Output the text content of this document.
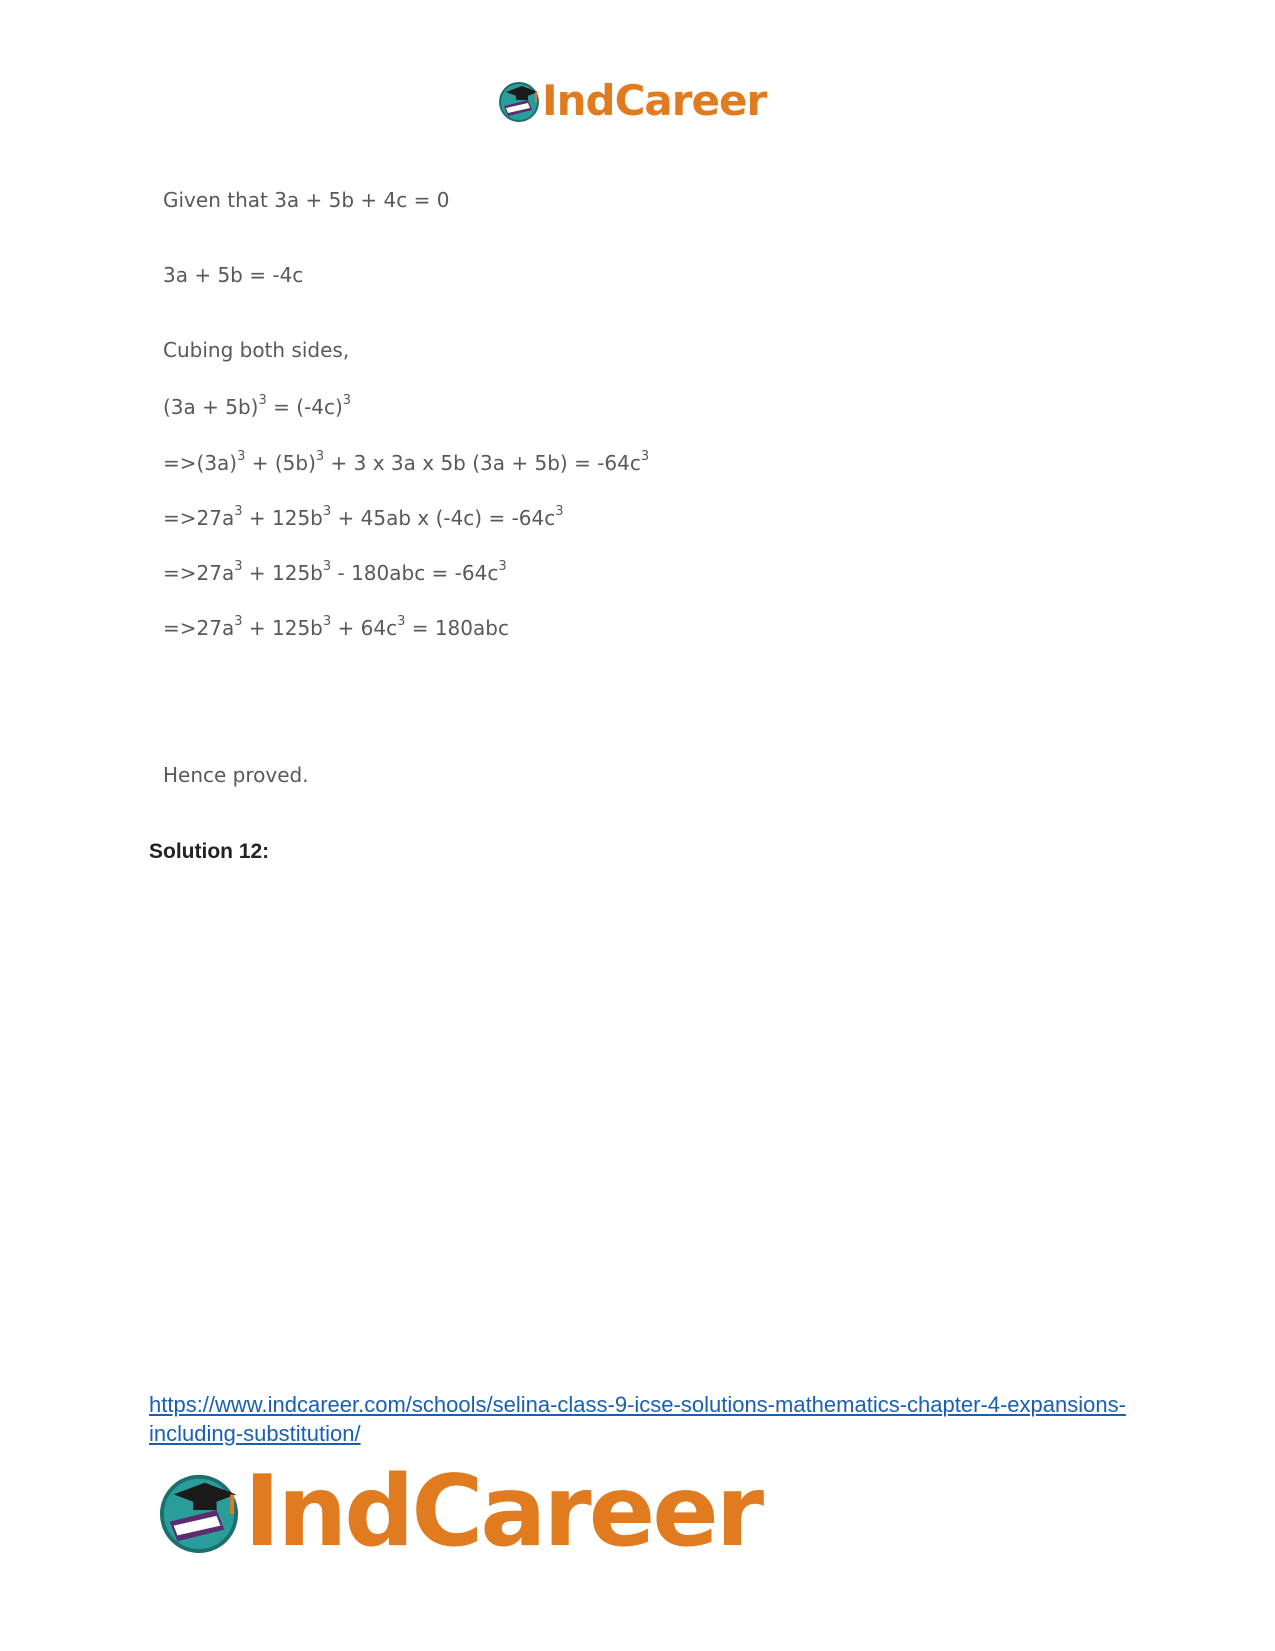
IndCareer

Given that 3a + 5b + 4c = 0

3a + 5b = -4c

Cubing both sides,

$(3a + 5b)^3 = (-4c)^3$

$=>(3a)^3 + (5b)^3 + 3$ x 3a x 5b $(3a + 5b) = -64c^3$

$=>27a^3 + 125b^3 + 45ab$ x $(-4c) = -64c^3$

$=>27a^3 + 125b^3 - 180abc = -64c^3$

$=>27a^3 + 125b^3 + 64c^3 = 180abc$

Hence proved.

Solution 12:
https://www.indcareer.com/schools/selina-class-9-icse-solutions-mathematics-chapter-4-expansions-including-substitution/
IndCareer
